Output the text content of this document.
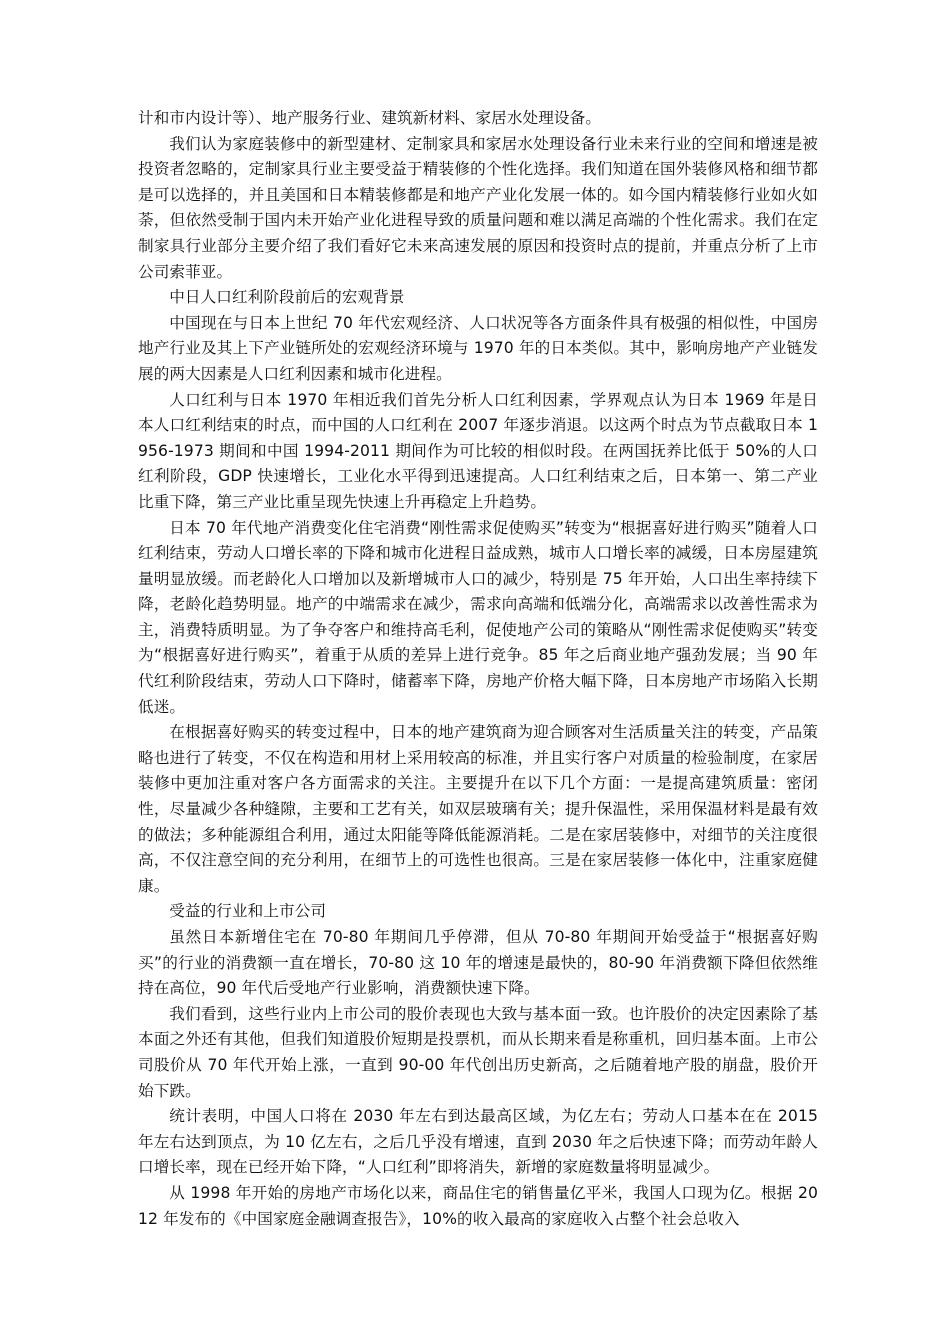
计和市内设计等）、地产服务行业、建筑新材料、家居水处理设备。

我们认为家庭装修中的新型建材、定制家具和家居水处理设备行业未来行业的空间和增速是被投资者忽略的，定制家具行业主要受益于精装修的个性化选择。我们知道在国外装修风格和细节都是可以选择的，并且美国和日本精装修都是和地产产业化发展一体的。如今国内精装修行业如火如荼，但依然受制于国内未开始产业化进程导致的质量问题和难以满足高端的个性化需求。我们在定制家具行业部分主要介绍了我们看好它未来高速发展的原因和投资时点的提前，并重点分析了上市公司索菲亚。

中日人口红利阶段前后的宏观背景

中国现在与日本上世纪 70 年代宏观经济、人口状况等各方面条件具有极强的相似性，中国房地产行业及其上下产业链所处的宏观经济环境与 1970 年的日本类似。其中，影响房地产产业链发展的两大因素是人口红利因素和城市化进程。

人口红利与日本 1970 年相近我们首先分析人口红利因素，学界观点认为日本 1969 年是日本人口红利结束的时点，而中国的人口红利在 2007 年逐步消退。以这两个时点为节点截取日本 1956-1973 期间和中国 1994-2011 期间作为可比较的相似时段。在两国抚养比低于 50%的人口红利阶段，GDP 快速增长，工业化水平得到迅速提高。人口红利结束之后，日本第一、第二产业比重下降，第三产业比重呈现先快速上升再稳定上升趋势。

日本 70 年代地产消费变化住宅消费“刚性需求促使购买”转变为“根据喜好进行购买”随着人口红利结束，劳动人口增长率的下降和城市化进程日益成熟，城市人口增长率的减缓，日本房屋建筑量明显放缓。而老龄化人口增加以及新增城市人口的减少，特别是 75 年开始，人口出生率持续下降，老龄化趋势明显。地产的中端需求在减少，需求向高端和低端分化，高端需求以改善性需求为主，消费特质明显。为了争夺客户和维持高毛利，促使地产公司的策略从“刚性需求促使购买”转变为“根据喜好进行购买”，着重于从质的差异上进行竞争。85 年之后商业地产强劲发展；当 90 年代红利阶段结束，劳动人口下降时，储蓄率下降，房地产价格大幅下降，日本房地产市场陷入长期低迷。

在根据喜好购买的转变过程中，日本的地产建筑商为迎合顾客对生活质量关注的转变，产品策略也进行了转变，不仅在构造和用材上采用较高的标准，并且实行客户对质量的检验制度，在家居装修中更加注重对客户各方面需求的关注。主要提升在以下几个方面：一是提高建筑质量：密闭性，尽量减少各种缝隙，主要和工艺有关，如双层玻璃有关；提升保温性，采用保温材料是最有效的做法；多种能源组合利用，通过太阳能等降低能源消耗。二是在家居装修中，对细节的关注度很高，不仅注意空间的充分利用，在细节上的可选性也很高。三是在家居装修一体化中，注重家庭健康。

受益的行业和上市公司

虽然日本新增住宅在 70-80 年期间几乎停滞，但从 70-80 年期间开始受益于“根据喜好购买”的行业的消费额一直在增长，70-80 这 10 年的增速是最快的，80-90 年消费额下降但依然维持在高位，90 年代后受地产行业影响，消费额快速下降。

我们看到，这些行业内上市公司的股价表现也大致与基本面一致。也许股价的决定因素除了基本面之外还有其他，但我们知道股价短期是投票机，而从长期来看是称重机，回归基本面。上市公司股价从 70 年代开始上涨，一直到 90-00 年代创出历史新高，之后随着地产股的崩盘，股价开始下跌。

统计表明，中国人口将在 2030 年左右到达最高区域，为亿左右；劳动人口基本在在 2015 年左右达到顶点，为 10 亿左右，之后几乎没有增速，直到 2030 年之后快速下降；而劳动年龄人口增长率，现在已经开始下降，“人口红利”即将消失，新增的家庭数量将明显减少。

从 1998 年开始的房地产市场化以来，商品住宅的销售量亿平米，我国人口现为亿。根据 2012 年发布的《中国家庭金融调查报告》，10%的收入最高的家庭收入占整个社会总收入
